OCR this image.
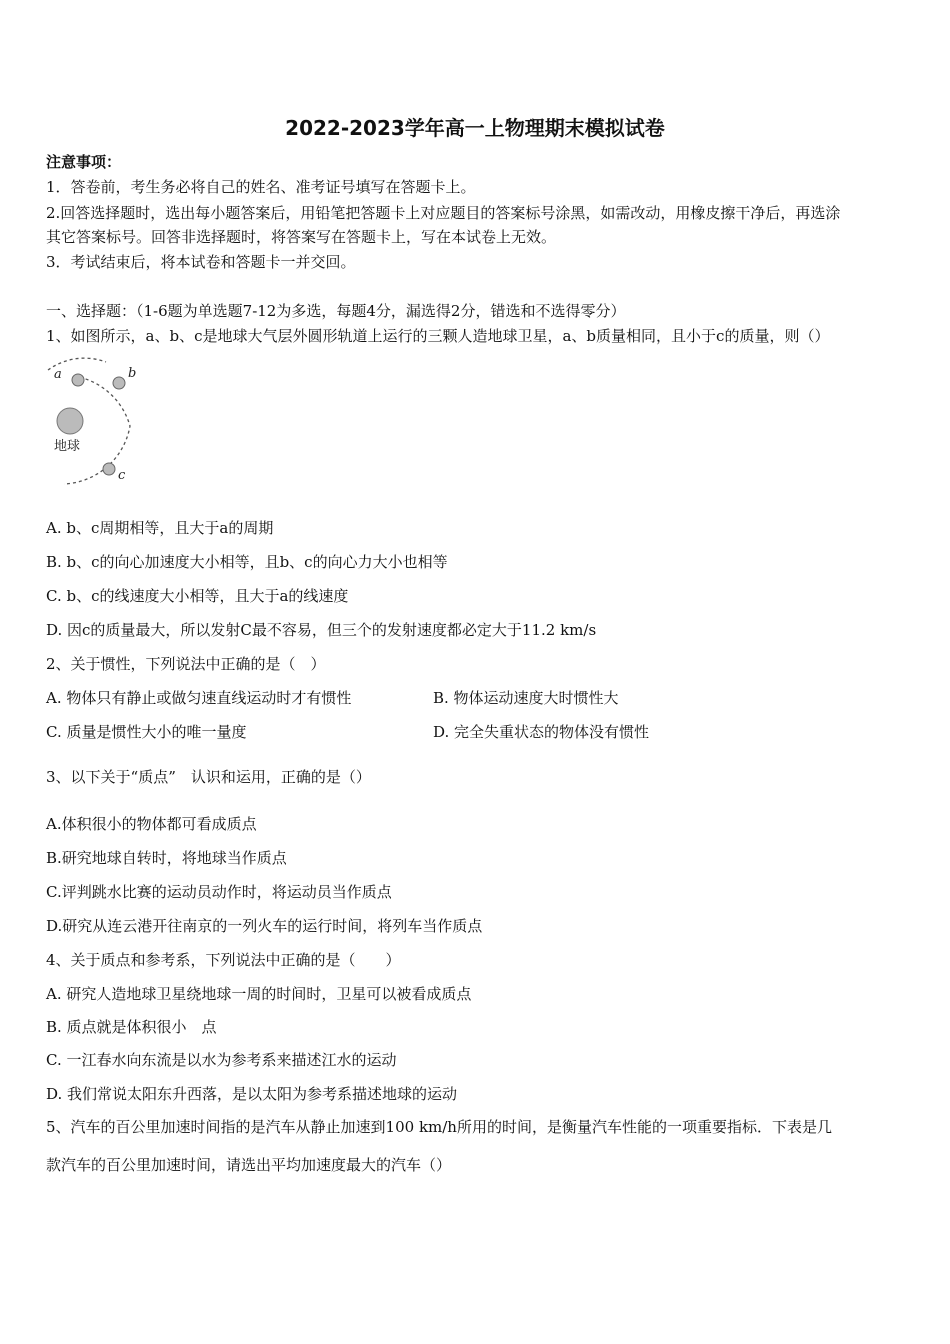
2022-2023学年高一上物理期末模拟试卷
注意事项：
1．答卷前，考生务必将自己的姓名、准考证号填写在答题卡上。
2.回答选择题时，选出每小题答案后，用铅笔把答题卡上对应题目的答案标号涂黑，如需改动，用橡皮擦干净后，再选涂
其它答案标号。回答非选择题时，将答案写在答题卡上，写在本试卷上无效。
3．考试结束后，将本试卷和答题卡一并交回。
一、选择题：（1-6题为单选题7-12为多选，每题4分，漏选得2分，错选和不选得零分）
1、如图所示，a、b、c是地球大气层外圆形轨道上运行的三颗人造地球卫星，a、b质量相同，且小于c的质量，则（）
地球
a	b
c
A. b、c周期相等，且大于a的周期
B. b、c的向心加速度大小相等，且b、c的向心力大小也相等
C. b、c的线速度大小相等，且大于a的线速度
D. 因c的质量最大，所以发射C最不容易，但三个的发射速度都必定大于11.2 km/s
2、关于惯性，下列说法中正确的是（　）
A. 物体只有静止或做匀速直线运动时才有惯性	B. 物体运动速度大时惯性大
C. 质量是惯性大小的唯一量度	D. 完全失重状态的物体没有惯性
3、以下关于“质点”　认识和运用，正确的是（）
A.体积很小的物体都可看成质点
B.研究地球自转时，将地球当作质点
C.评判跳水比赛的运动员动作时，将运动员当作质点
D.研究从连云港开往南京的一列火车的运行时间，将列车当作质点
4、关于质点和参考系，下列说法中正确的是（　　）
A. 研究人造地球卫星绕地球一周的时间时，卫星可以被看成质点
B. 质点就是体积很小　点
C. 一江春水向东流是以水为参考系来描述江水的运动
D. 我们常说太阳东升西落，是以太阳为参考系描述地球的运动
5、汽车的百公里加速时间指的是汽车从静止加速到100 km/h所用的时间，是衡量汽车性能的一项重要指标．下表是几
款汽车的百公里加速时间，请选出平均加速度最大的汽车（）
